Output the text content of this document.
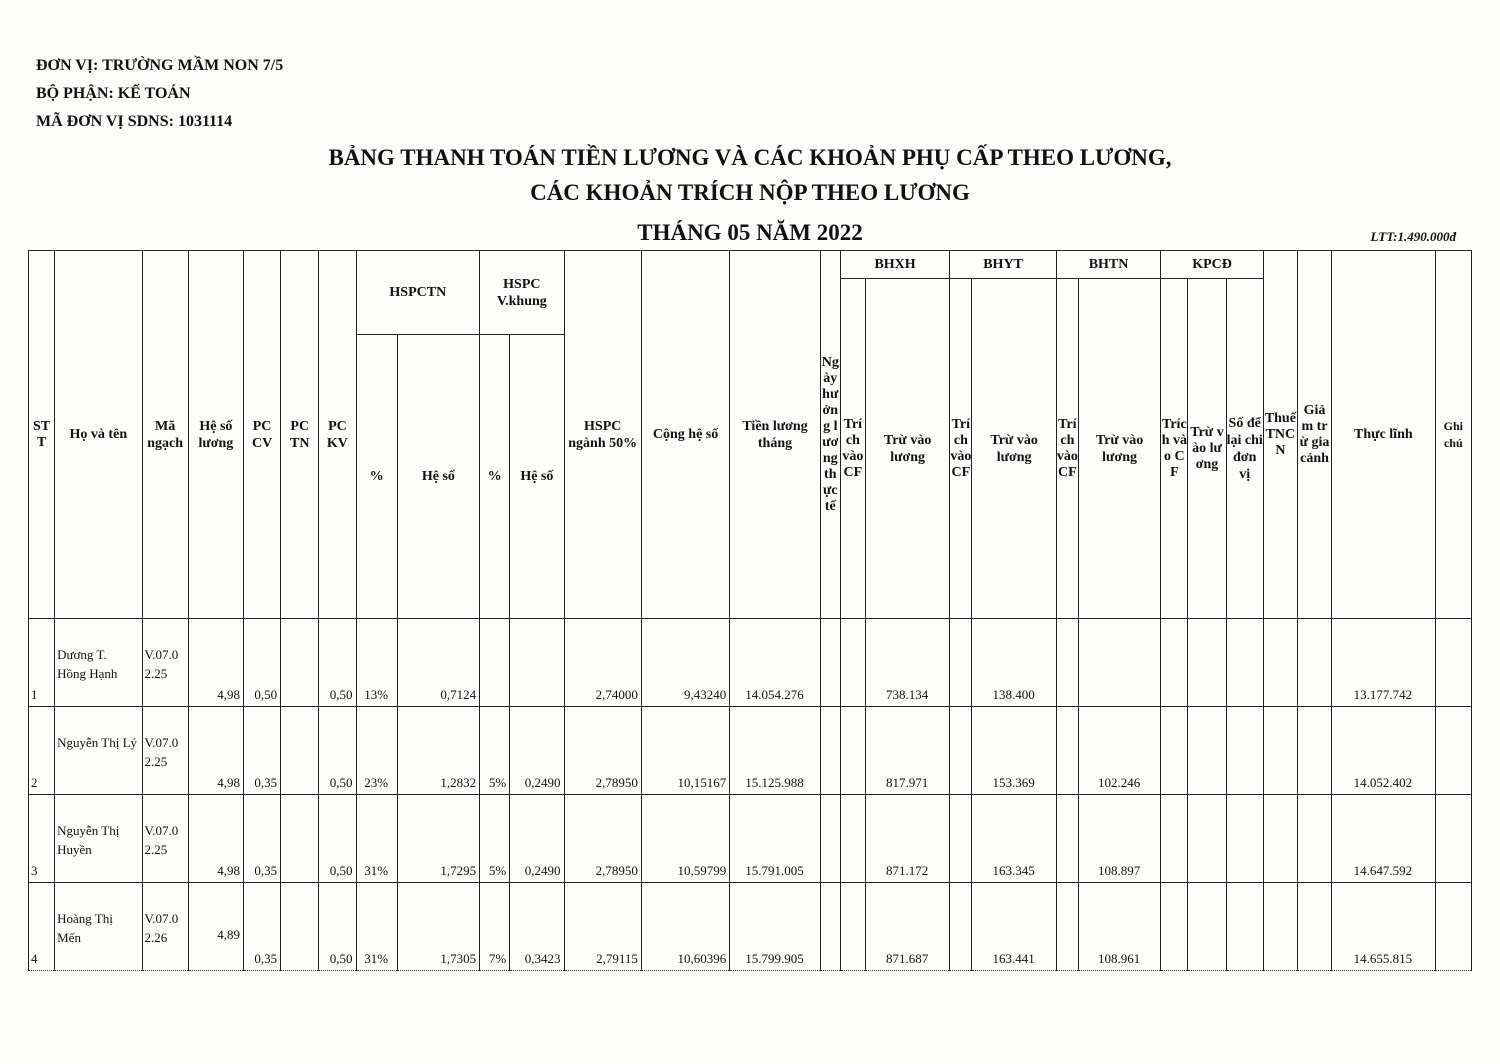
ĐƠN VỊ: TRƯỜNG MẦM NON 7/5
BỘ PHẬN: KẾ TOÁN
MÃ ĐƠN VỊ SDNS: 1031114
BẢNG THANH TOÁN TIỀN LƯƠNG VÀ CÁC KHOẢN PHỤ CẤP THEO LƯƠNG,
CÁC KHOẢN TRÍCH NỘP THEO LƯƠNG
THÁNG 05 NĂM 2022	LTT:1.490.000đ
STT	Họ và tên	Mã ngạch	Hệ số lương	PC CV	PC TN	PC KV	HSPCTN		HSPC V.khung		HSPC ngành 50%	Cộng hệ số	Tiền lương tháng	Ngày hưởng lương thực tế	BHXH		BHYT		BHTN		KPCĐ			Thuế TNCN	Giảm trừ gia cảnh	Thực lĩnh	Ghi chú
															Trích vào CF	Trừ vào lương	Trích vào CF	Trừ vào lương	Trích vào CF	Trừ vào lương	Trích vào CF	Trừ vào lương	Số để lại chi đơn vị				
							%	Hệ số	%	Hệ số																	
1	Dương T. Hồng Hạnh	V.07.0 2.25	4,98	0,50		0,50	13%	0,7124			2,74000	9,43240	14.054.276			738.134		138.400								13.177.742	
2	Nguyễn Thị Lý	V.07.0 2.25	4,98	0,35		0,50	23%	1,2832	5%	0,2490	2,78950	10,15167	15.125.988			817.971		153.369		102.246						14.052.402	
3	Nguyễn Thị Huyền	V.07.0 2.25	4,98	0,35		0,50	31%	1,7295	5%	0,2490	2,78950	10,59799	15.791.005			871.172		163.345		108.897						14.647.592	
4	Hoàng Thị Mến	V.07.0 2.26	4,89	0,35		0,50	31%	1,7305	7%	0,3423	2,79115	10,60396	15.799.905			871.687		163.441		108.961						14.655.815	
